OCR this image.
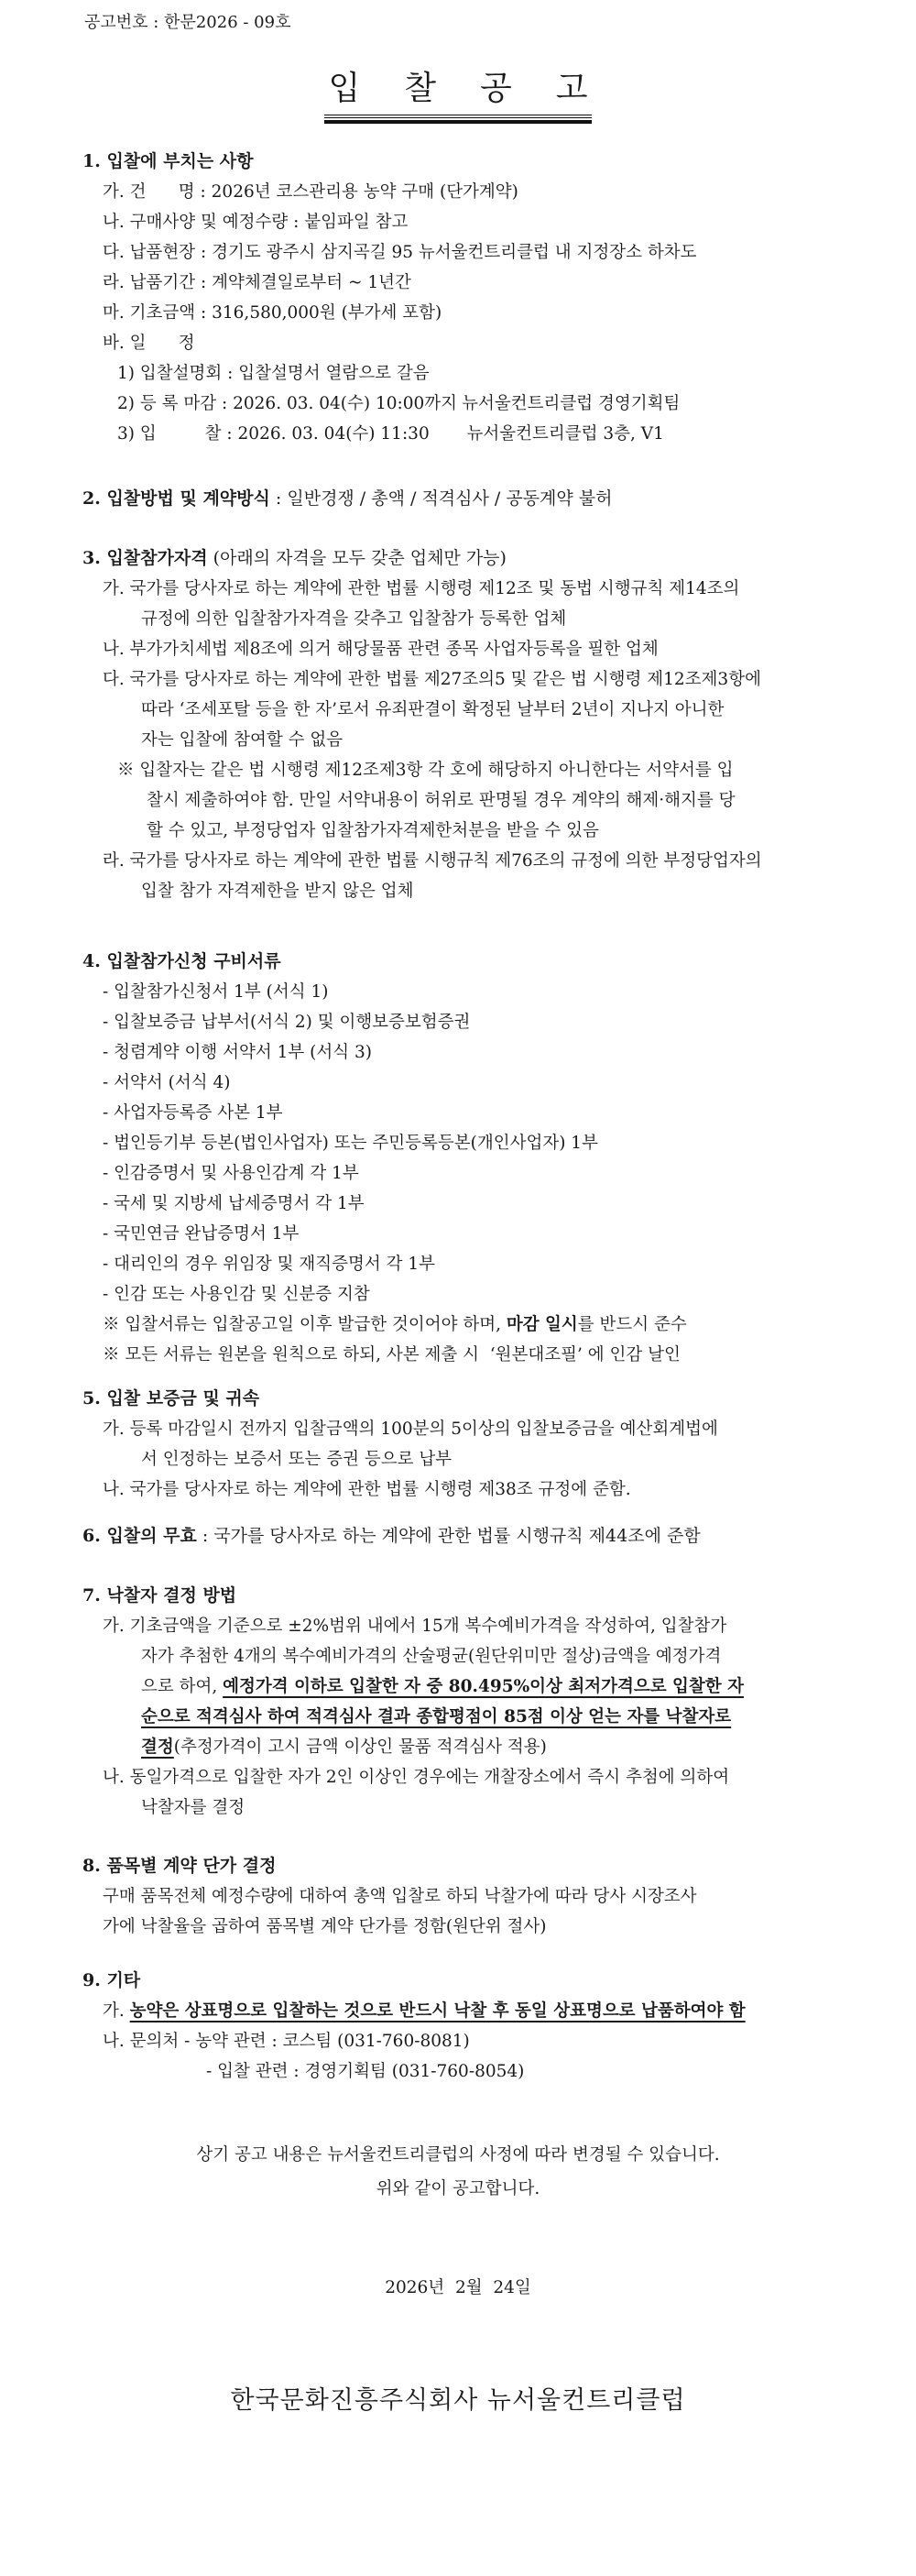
공고번호 : 한문2026 - 09호
입 찰 공 고
1. 입찰에 부치는 사항
가. 건      명 : 2026년 코스관리용 농약 구매 (단가계약)
나. 구매사양 및 예정수량 : 붙임파일 참고
다. 납품현장 : 경기도 광주시 삼지곡길 95 뉴서울컨트리클럽 내 지정장소 하차도
라. 납품기간 : 계약체결일로부터 ~ 1년간
마. 기초금액 : 316,580,000원 (부가세 포함)
바. 일      정
1) 입찰설명회 : 입찰설명서 열람으로 갈음
2) 등 록 마감 : 2026. 03. 04(수) 10:00까지 뉴서울컨트리클럽 경영기획팀
3) 입         찰 : 2026. 03. 04(수) 11:30 뉴서울컨트리클럽 3층, V1
2. 입찰방법 및 계약방식 : 일반경쟁 / 총액 / 적격심사 / 공동계약 불허
3. 입찰참가자격 (아래의 자격을 모두 갖춘 업체만 가능)
가. 국가를 당사자로 하는 계약에 관한 법률 시행령 제12조 및 동법 시행규칙 제14조의
규정에 의한 입찰참가자격을 갖추고 입찰참가 등록한 업체
나. 부가가치세법 제8조에 의거 해당물품 관련 종목 사업자등록을 필한 업체
다. 국가를 당사자로 하는 계약에 관한 법률 제27조의5 및 같은 법 시행령 제12조제3항에
따라 ‘조세포탈 등을 한 자’로서 유죄판결이 확정된 날부터 2년이 지나지 아니한
자는 입찰에 참여할 수 없음
※ 입찰자는 같은 법 시행령 제12조제3항 각 호에 해당하지 아니한다는 서약서를 입
찰시 제출하여야 함. 만일 서약내용이 허위로 판명될 경우 계약의 해제·해지를 당
할 수 있고, 부정당업자 입찰참가자격제한처분을 받을 수 있음
라. 국가를 당사자로 하는 계약에 관한 법률 시행규칙 제76조의 규정에 의한 부정당업자의
입찰 참가 자격제한을 받지 않은 업체
4. 입찰참가신청 구비서류
- 입찰참가신청서 1부 (서식 1)
- 입찰보증금 납부서(서식 2) 및 이행보증보험증권
- 청렴계약 이행 서약서 1부 (서식 3)
- 서약서 (서식 4)
- 사업자등록증 사본 1부
- 법인등기부 등본(법인사업자) 또는 주민등록등본(개인사업자) 1부
- 인감증명서 및 사용인감계 각 1부
- 국세 및 지방세 납세증명서 각 1부
- 국민연금 완납증명서 1부
- 대리인의 경우 위임장 및 재직증명서 각 1부
- 인감 또는 사용인감 및 신분증 지참
※ 입찰서류는 입찰공고일 이후 발급한 것이어야 하며, 마감 일시를 반드시 준수
※ 모든 서류는 원본을 원칙으로 하되, 사본 제출 시  ‘원본대조필’ 에 인감 날인
5. 입찰 보증금 및 귀속
가. 등록 마감일시 전까지 입찰금액의 100분의 5이상의 입찰보증금을 예산회계법에
서 인정하는 보증서 또는 증권 등으로 납부
나. 국가를 당사자로 하는 계약에 관한 법률 시행령 제38조 규정에 준함.
6. 입찰의 무효 : 국가를 당사자로 하는 계약에 관한 법률 시행규칙 제44조에 준함
7. 낙찰자 결정 방법
가. 기초금액을 기준으로 ±2%범위 내에서 15개 복수예비가격을 작성하여, 입찰참가
자가 추첨한 4개의 복수예비가격의 산술평균(원단위미만 절상)금액을 예정가격
으로 하여, 예정가격 이하로 입찰한 자 중 80.495%이상 최저가격으로 입찰한 자
순으로 적격심사 하여 적격심사 결과 종합평점이 85점 이상 얻는 자를 낙찰자로
결정(추정가격이 고시 금액 이상인 물품 적격심사 적용)
나. 동일가격으로 입찰한 자가 2인 이상인 경우에는 개찰장소에서 즉시 추첨에 의하여
낙찰자를 결정
8. 품목별 계약 단가 결정
구매 품목전체 예정수량에 대하여 총액 입찰로 하되 낙찰가에 따라 당사 시장조사
가에 낙찰율을 곱하여 품목별 계약 단가를 정함(원단위 절사)
9. 기타
가. 농약은 상표명으로 입찰하는 것으로 반드시 낙찰 후 동일 상표명으로 납품하여야 함
나. 문의처 - 농약 관련 : 코스팀 (031-760-8081)
- 입찰 관련 : 경영기획팀 (031-760-8054)
상기 공고 내용은 뉴서울컨트리클럽의 사정에 따라 변경될 수 있습니다.
위와 같이 공고합니다.
2026년  2월  24일
한국문화진흥주식회사 뉴서울컨트리클럽
